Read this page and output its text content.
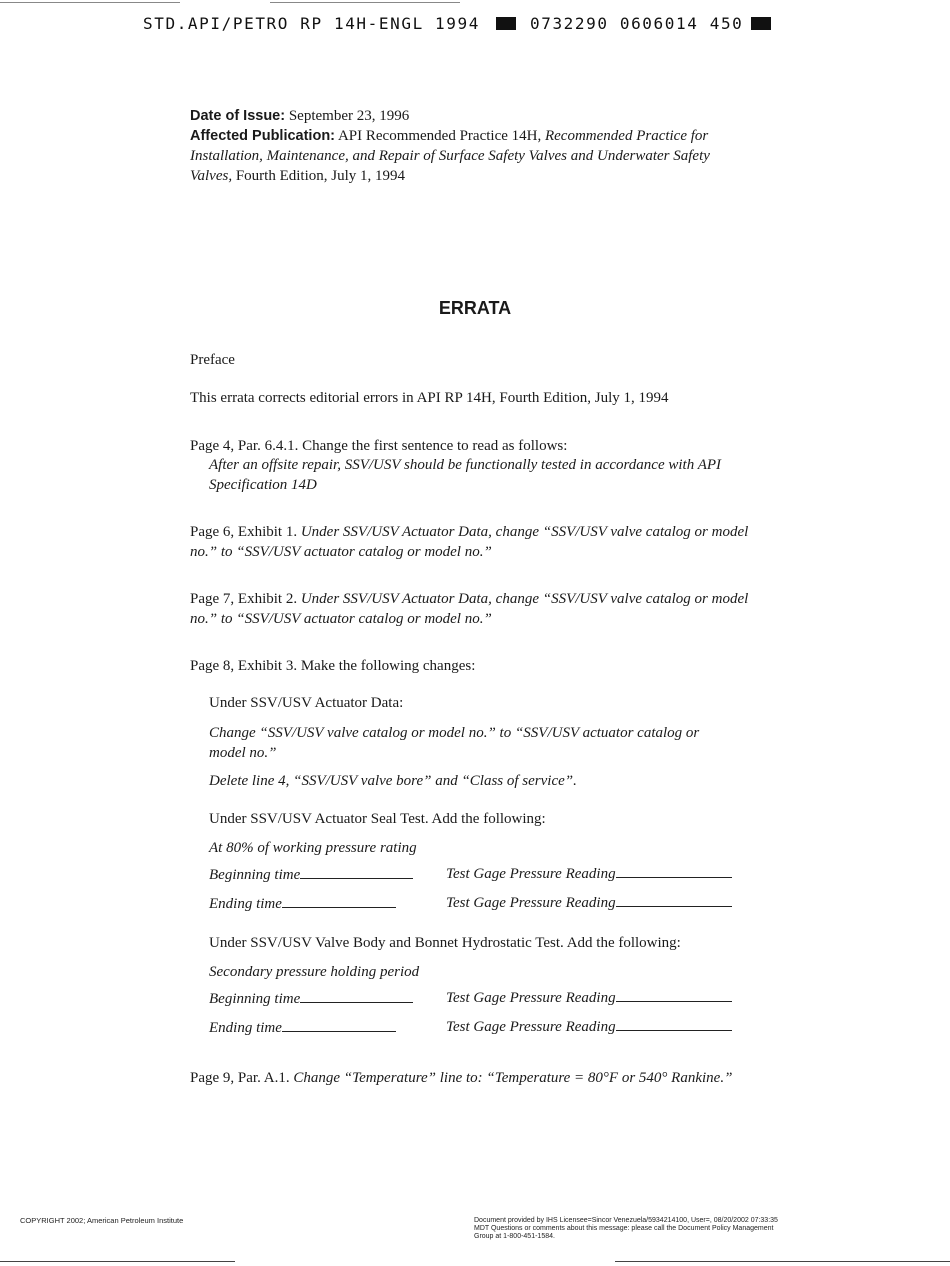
STD.API/PETRO RP 14H-ENGL 1994	0732290 0606014 450
Date of Issue: September 23, 1996
Affected Publication: API Recommended Practice 14H, Recommended Practice for Installation, Maintenance, and Repair of Surface Safety Valves and Underwater Safety Valves, Fourth Edition, July 1, 1994
ERRATA
Preface
This errata corrects editorial errors in API RP 14H, Fourth Edition, July 1, 1994
Page 4, Par. 6.4.1. Change the first sentence to read as follows:
After an offsite repair, SSV/USV should be functionally tested in accordance with API Specification 14D
Page 6, Exhibit 1. Under SSV/USV Actuator Data, change “SSV/USV valve catalog or model no.” to “SSV/USV actuator catalog or model no.”
Page 7, Exhibit 2. Under SSV/USV Actuator Data, change “SSV/USV valve catalog or model no.” to “SSV/USV actuator catalog or model no.”
Page 8, Exhibit 3. Make the following changes:
Under SSV/USV Actuator Data:
Change “SSV/USV valve catalog or model no.” to “SSV/USV actuator catalog or model no.”
Delete line 4, “SSV/USV valve bore” and “Class of service”.
Under SSV/USV Actuator Seal Test. Add the following:
At 80% of working pressure rating
Beginning time	Test Gage Pressure Reading
Ending time	Test Gage Pressure Reading
Under SSV/USV Valve Body and Bonnet Hydrostatic Test. Add the following:
Secondary pressure holding period
Beginning time	Test Gage Pressure Reading
Ending time	Test Gage Pressure Reading
Page 9, Par. A.1. Change “Temperature” line to: “Temperature = 80°F or 540° Rankine.”
COPYRIGHT 2002; American Petroleum Institute	Document provided by IHS Licensee=Sincor Venezuela/5934214100, User=, 08/20/2002 07:33:35 MDT Questions or comments about this message: please call the Document Policy Management Group at 1-800-451-1584.
